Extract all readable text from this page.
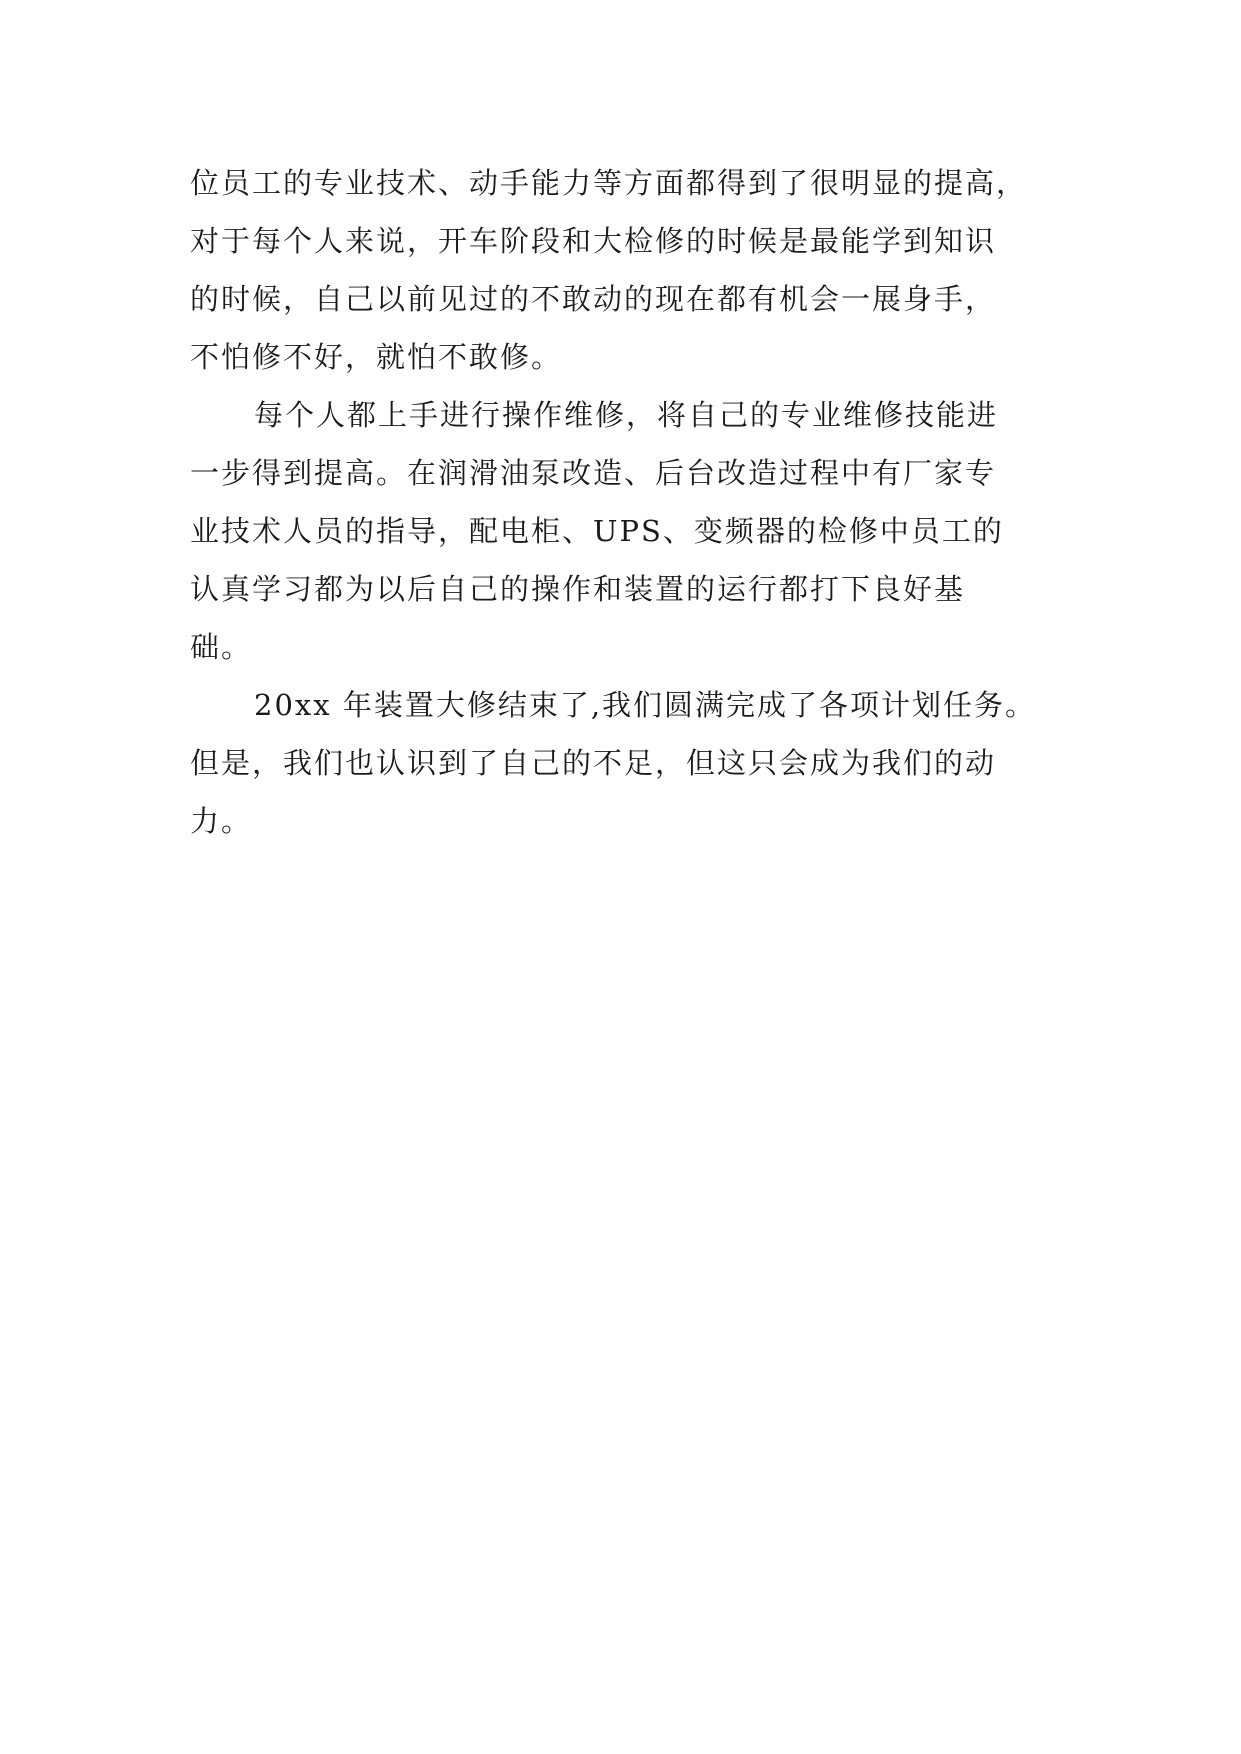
位员工的专业技术、动手能力等方面都得到了很明显的提高，
对于每个人来说，开车阶段和大检修的时候是最能学到知识
的时候，自己以前见过的不敢动的现在都有机会一展身手，
不怕修不好，就怕不敢修。
每个人都上手进行操作维修，将自己的专业维修技能进
一步得到提高。在润滑油泵改造、后台改造过程中有厂家专
业技术人员的指导，配电柜、UPS、变频器的检修中员工的
认真学习都为以后自己的操作和装置的运行都打下良好基
础。
20xx 年装置大修结束了,我们圆满完成了各项计划任务。
但是，我们也认识到了自己的不足，但这只会成为我们的动
力。
